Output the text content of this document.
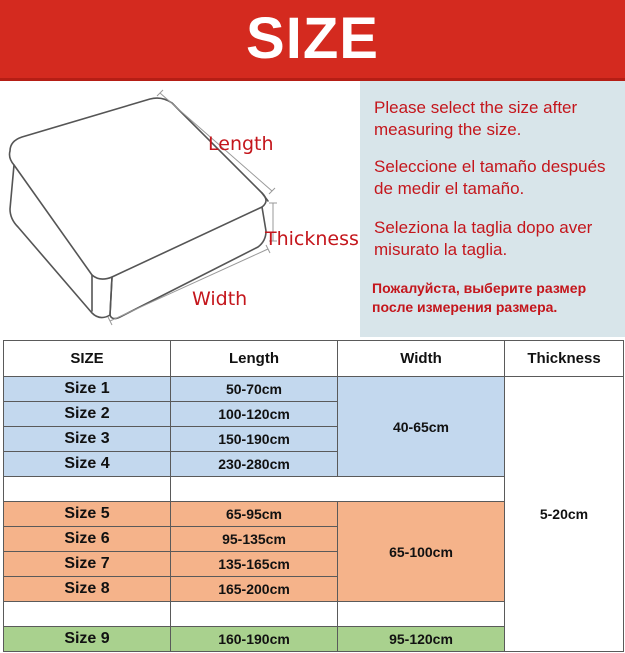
SIZE
Length
Thickness
Width
Please select the size after measuring the size.
Seleccione el tamaño después de medir el tamaño.
Seleziona la taglia dopo aver misurato la taglia.
Пожалуйста, выберите размер после измерения размера.
SIZE	Length	Width	Thickness
Size 1	50-70cm	40-65cm	5-20cm
Size 2	100-120cm		
Size 3	150-190cm		
Size 4	230-280cm		

Size 5	65-95cm	65-100cm	
Size 6	95-135cm		
Size 7	135-165cm		
Size 8	165-200cm		

Size 9	160-190cm	95-120cm	
